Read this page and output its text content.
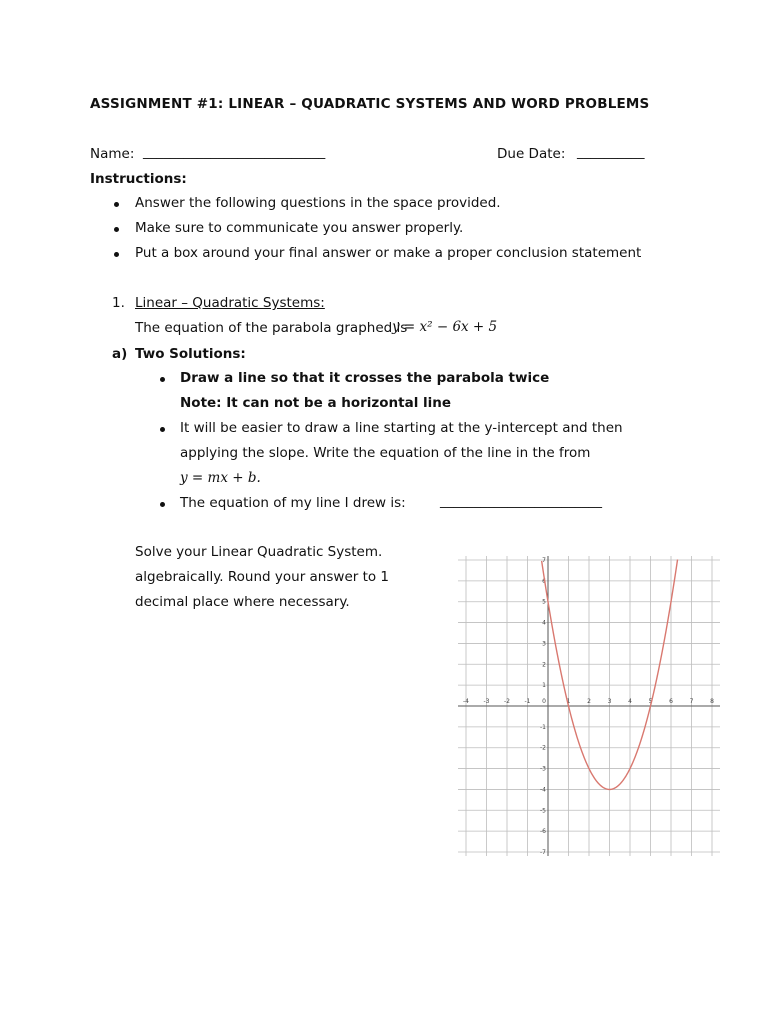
ASSIGNMENT #1: LINEAR – QUADRATIC SYSTEMS AND WORD PROBLEMS
Name: ___________________________	Due Date: __________
Instructions:
Answer the following questions in the space provided.
Make sure to communicate you answer properly.
Put a box around your final answer or make a proper conclusion statement
1. Linear – Quadratic Systems:
The equation of the parabola graphed is
y = x² − 6x + 5
a) Two Solutions:
Draw a line so that it crosses the parabola twice
Note: It can not be a horizontal line
It will be easier to draw a line starting at the y-intercept and then
applying the slope. Write the equation of the line in the from
y = mx + b.
The equation of my line I drew is:	________________________
Solve your Linear Quadratic System.
algebraically. Round your answer to 1
decimal place where necessary.
-4 -3 -2 -1 0	1	2	3	4	5	6	7	8
-7
-6
-5
-4
-3
-2
-1
1
2
3
4
5
6
7
